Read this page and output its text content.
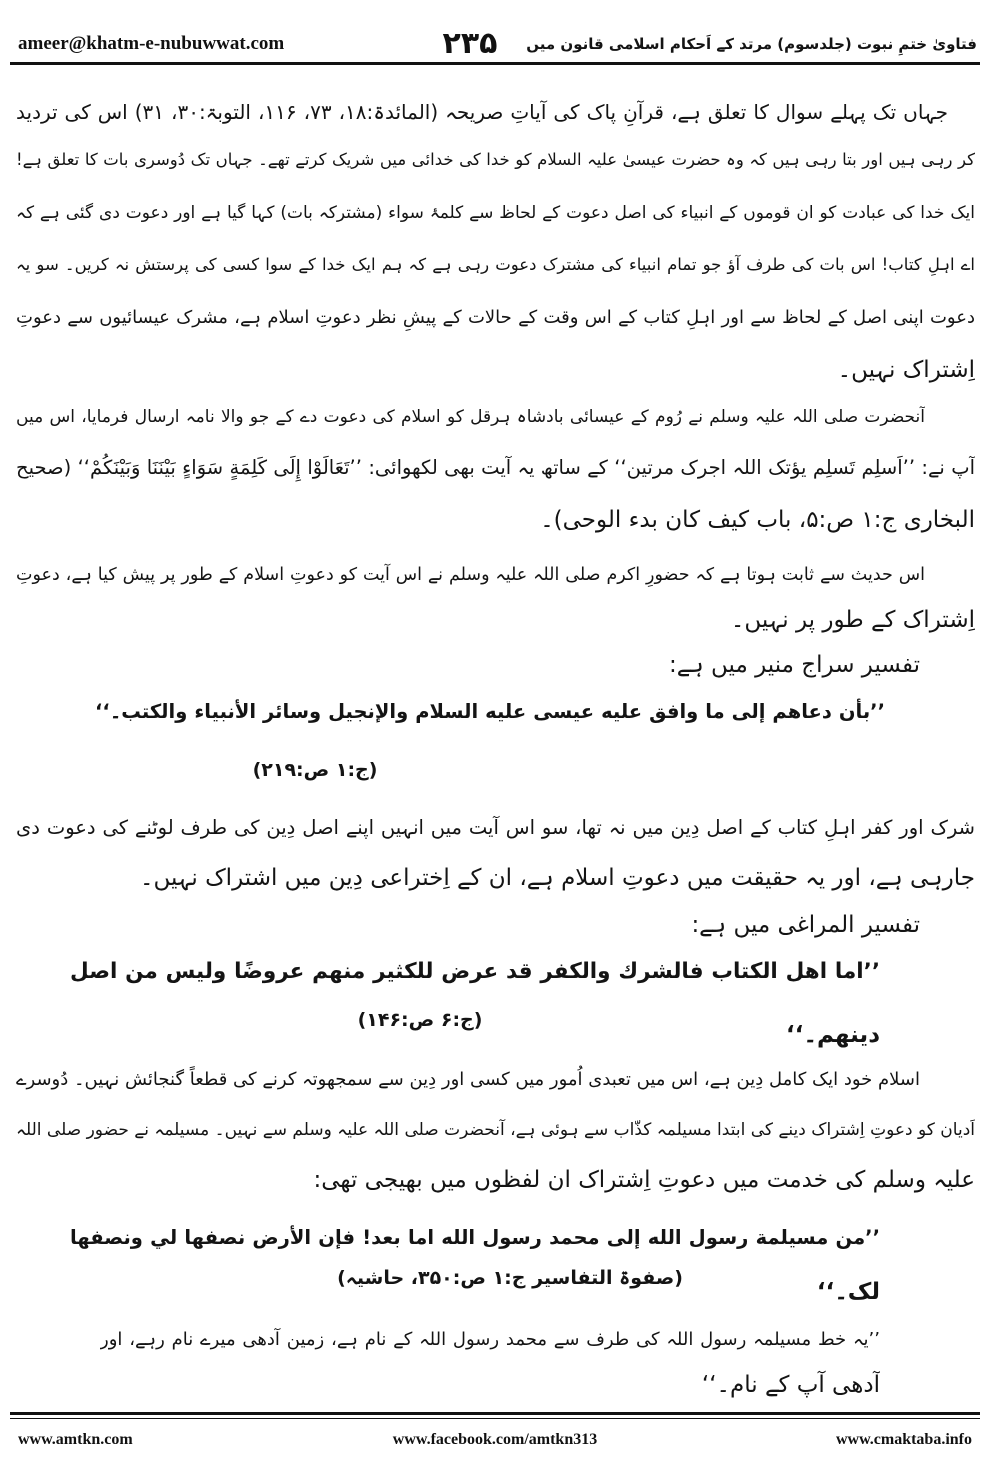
ameer@khatm-e-nubuwwat.com	۲۳۵	فتاویٰ ختمِ نبوت (جلدسوم) مرتد کے اَحکام اسلامی قانون میں
جہاں تک پہلے سوال کا تعلق ہے، قرآنِ پاک کی آیاتِ صریحہ (المائدۃ:۱۸، ۷۳، ۱۱۶، التوبۃ:۳۰، ۳۱) اس کی تردید
کر رہی ہیں اور بتا رہی ہیں کہ وہ حضرت عیسیٰ علیہ السلام کو خدا کی خدائی میں شریک کرتے تھے۔ جہاں تک دُوسری بات کا تعلق ہے!
ایک خدا کی عبادت کو ان قوموں کے انبیاء کی اصل دعوت کے لحاظ سے کلمۂ سواء (مشترکہ بات) کہا گیا ہے اور دعوت دی گئی ہے کہ
اے اہلِ کتاب! اس بات کی طرف آؤ جو تمام انبیاء کی مشترک دعوت رہی ہے کہ ہم ایک خدا کے سوا کسی کی پرستش نہ کریں۔ سو یہ
دعوت اپنی اصل کے لحاظ سے اور اہلِ کتاب کے اس وقت کے حالات کے پیشِ نظر دعوتِ اسلام ہے، مشرک عیسائیوں سے دعوتِ
اِشتراک نہیں۔
آنحضرت صلی اللہ علیہ وسلم نے رُوم کے عیسائی بادشاہ ہرقل کو اسلام کی دعوت دے کے جو والا نامہ ارسال فرمایا، اس میں
آپ نے: ’’اَسلِم تَسلِم یؤتک اللہ اجرک مرتین‘‘ کے ساتھ یہ آیت بھی لکھوائی: ’’تَعَالَوْا إِلَى كَلِمَةٍ سَوَاءٍ بَيْنَنَا وَبَيْنَكُمْ‘‘ (صحیح
البخاری ج:۱ ص:۵، باب کیف کان بدء الوحی)۔
اس حدیث سے ثابت ہوتا ہے کہ حضورِ اکرم صلی اللہ علیہ وسلم نے اس آیت کو دعوتِ اسلام کے طور پر پیش کیا ہے، دعوتِ
اِشتراک کے طور پر نہیں۔
تفسیر سراج منیر میں ہے:
’’بأن دعاهم إلى ما وافق عليه عيسى عليه السلام والإنجيل وسائر الأنبياء والكتب۔‘‘
(ج:۱ ص:۲۱۹)
شرک اور کفر اہلِ کتاب کے اصل دِین میں نہ تھا، سو اس آیت میں انہیں اپنے اصل دِین کی طرف لوٹنے کی دعوت دی
جارہی ہے، اور یہ حقیقت میں دعوتِ اسلام ہے، ان کے اِختراعی دِین میں اشتراک نہیں۔
تفسیر المراغی میں ہے:
’’اما اهل الكتاب فالشرك والكفر قد عرض للكثير منهم عروضًا وليس من اصل
دينهم۔‘‘
(ج:۶ ص:۱۴۶)
اسلام خود ایک کامل دِین ہے، اس میں تعبدی اُمور میں کسی اور دِین سے سمجھوتہ کرنے کی قطعاً گنجائش نہیں۔ دُوسرے
اَدیان کو دعوتِ اِشتراک دینے کی ابتدا مسیلمہ کذّاب سے ہوئی ہے، آنحضرت صلی اللہ علیہ وسلم سے نہیں۔ مسیلمہ نے حضور صلی اللہ
علیہ وسلم کی خدمت میں دعوتِ اِشتراک ان لفظوں میں بھیجی تھی:
’’من مسيلمة رسول الله إلى محمد رسول الله اما بعد! فإن الأرض نصفها لي ونصفها
لک۔‘‘
(صفوۃ التفاسیر ج:۱ ص:۳۵۰، حاشیہ)
’’یہ خط مسیلمہ رسول اللہ کی طرف سے محمد رسول اللہ کے نام ہے، زمین آدھی میرے نام رہے، اور
آدھی آپ کے نام۔‘‘
www.amtkn.com	www.facebook.com/amtkn313	www.cmaktaba.info
